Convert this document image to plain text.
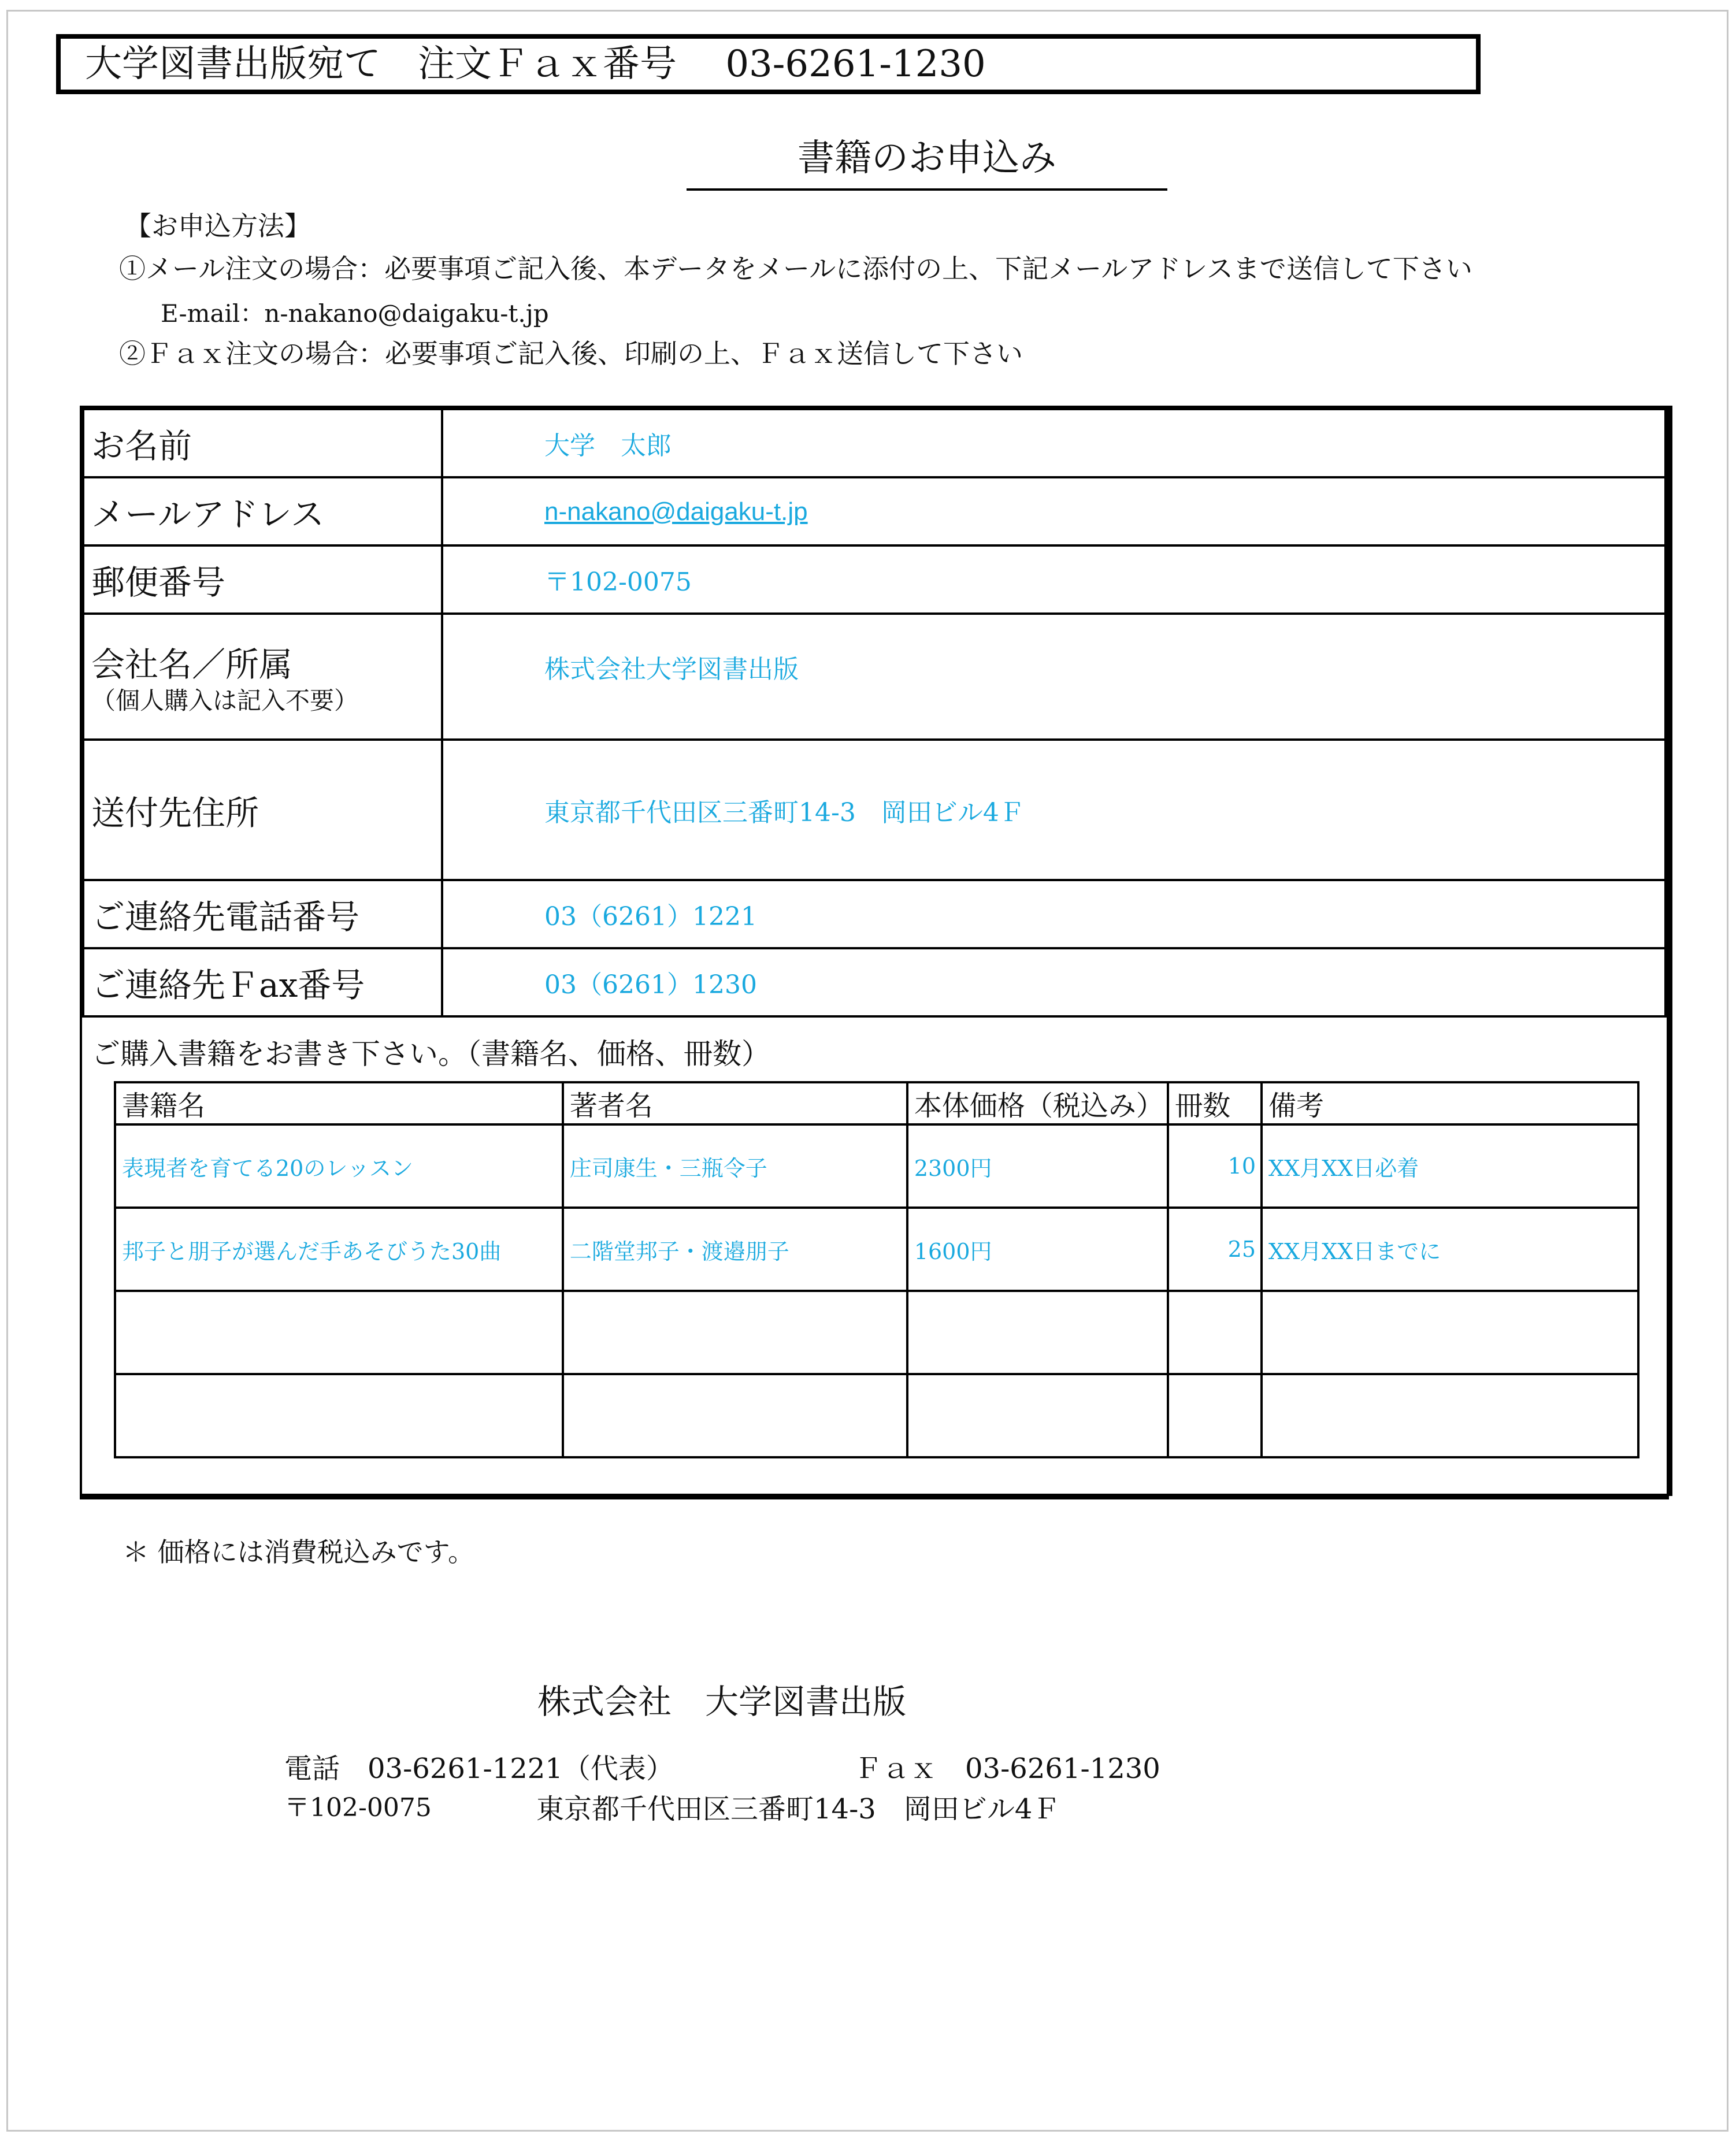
大学図書出版宛て　注文Ｆａｘ番号　 03-6261-1230
書籍のお申込み
【お申込方法】
①メール注文の場合：必要事項ご記入後、本データをメールに添付の上、下記メールアドレスまで送信して下さい
E-mail：n-nakano@daigaku-t.jp
②Ｆａｘ注文の場合：必要事項ご記入後、印刷の上、Ｆａｘ送信して下さい
お名前	大学　太郎
メールアドレス	n-nakano@daigaku-t.jp
郵便番号	〒102-0075
会社名／所属
（個人購入は記入不要）	株式会社大学図書出版
送付先住所	東京都千代田区三番町14-3　岡田ビル4Ｆ
ご連絡先電話番号	03（6261）1221
ご連絡先Ｆax番号	03（6261）1230
ご購入書籍をお書き下さい。（書籍名、価格、冊数）
書籍名	著者名	本体価格（税込み）	冊数	備考
表現者を育てる20のレッスン	庄司康生・三瓶令子	2300円	10	XX月XX日必着
邦子と朋子が選んだ手あそびうた30曲	二階堂邦子・渡邉朋子	1600円	25	XX月XX日までに

＊ 価格には消費税込みです。
株式会社　大学図書出版
電話　03-6261-1221（代表）	Ｆａｘ　03-6261-1230
〒102-0075	東京都千代田区三番町14-3　岡田ビル4Ｆ
